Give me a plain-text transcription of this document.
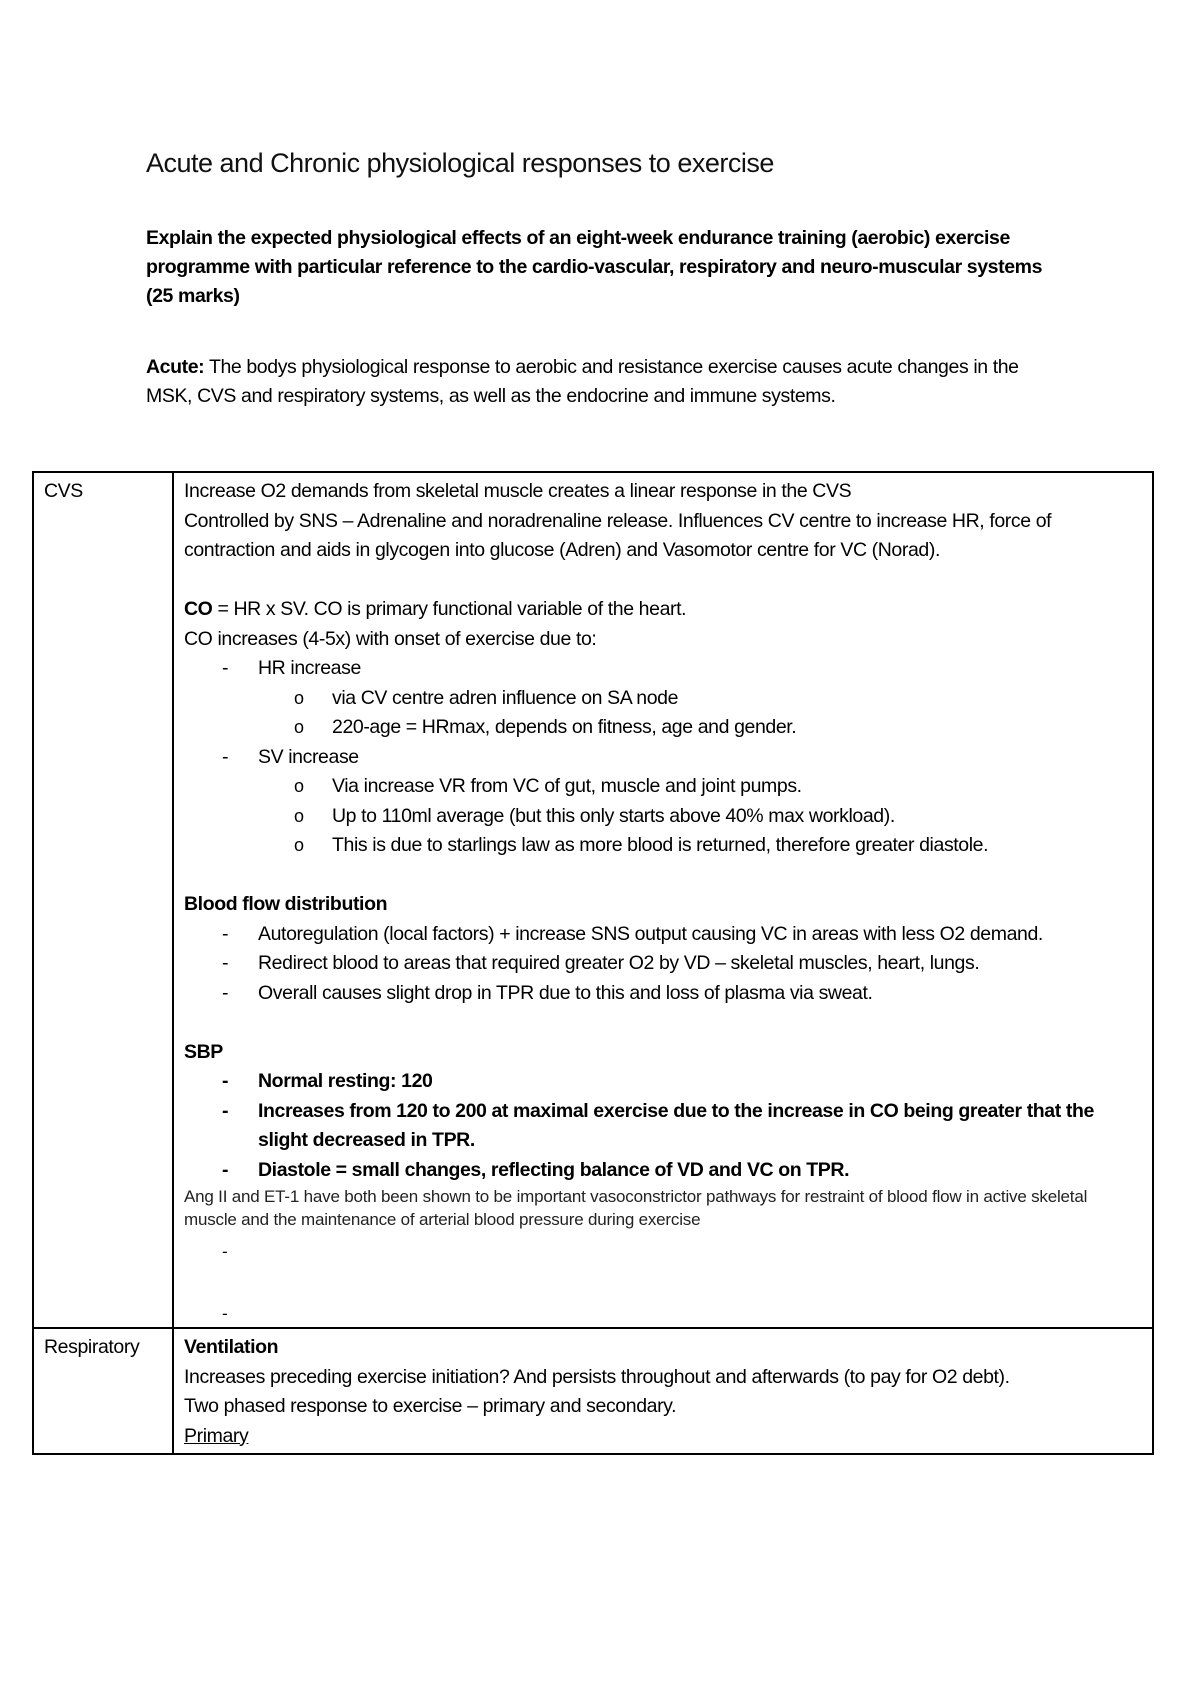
Acute and Chronic physiological responses to exercise

Explain the expected physiological effects of an eight-week endurance training (aerobic) exercise programme with particular reference to the cardio-vascular, respiratory and neuro-muscular systems (25 marks)

Acute: The bodys physiological response to aerobic and resistance exercise causes acute changes in the MSK, CVS and respiratory systems, as well as the endocrine and immune systems.

CVS	Increase O2 demands from skeletal muscle creates a linear response in the CVS
Controlled by SNS – Adrenaline and noradrenaline release. Influences CV centre to increase HR, force of contraction and aids in glycogen into glucose (Adren) and Vasomotor centre for VC (Norad).
CO = HR x SV. CO is primary functional variable of the heart.
CO increases (4-5x) with onset of exercise due to:
-	HR increase
o	via CV centre adren influence on SA node
o	220-age = HRmax, depends on fitness, age and gender.
-	SV increase
o	Via increase VR from VC of gut, muscle and joint pumps.
o	Up to 110ml average (but this only starts above 40% max workload).
o	This is due to starlings law as more blood is returned, therefore greater diastole.
Blood flow distribution
-	Autoregulation (local factors) + increase SNS output causing VC in areas with less O2 demand.
-	Redirect blood to areas that required greater O2 by VD – skeletal muscles, heart, lungs.
-	Overall causes slight drop in TPR due to this and loss of plasma via sweat.
SBP
-	Normal resting: 120
-	Increases from 120 to 200 at maximal exercise due to the increase in CO being greater that the slight decreased in TPR.
-	Diastole = small changes, reflecting balance of VD and VC on TPR.
Ang II and ET-1 have both been shown to be important vasoconstrictor pathways for restraint of blood flow in active skeletal muscle and the maintenance of arterial blood pressure during exercise
-
-

Respiratory	Ventilation
Increases preceding exercise initiation? And persists throughout and afterwards (to pay for O2 debt).
Two phased response to exercise – primary and secondary.
Primary
